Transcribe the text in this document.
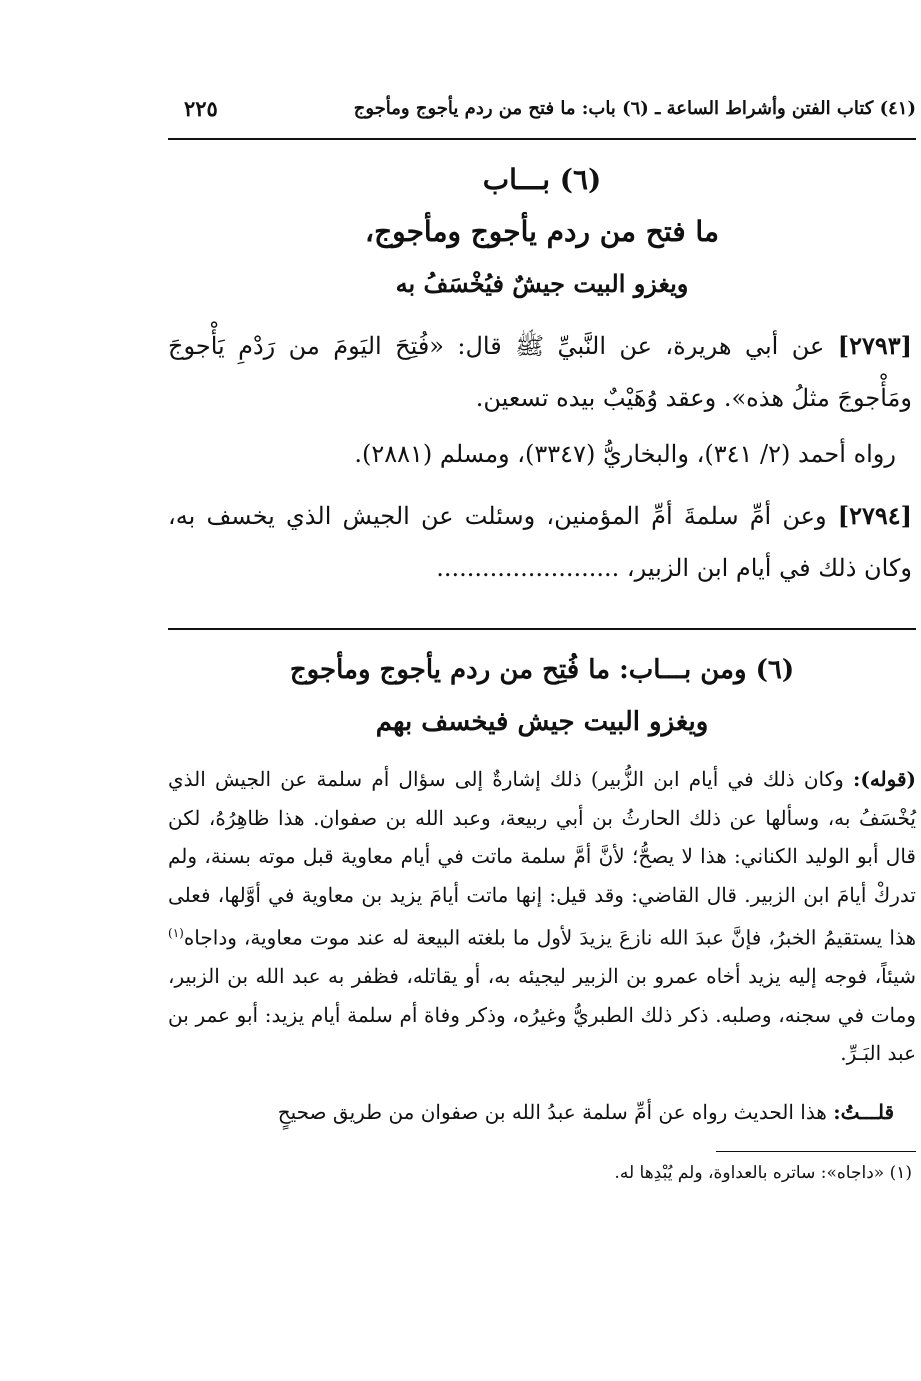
(٤١) كتاب الفتن وأشراط الساعة ـ (٦) باب: ما فتح من ردم يأجوج ومأجوج
٢٢٥
(٦) بـــاب
ما فتح من ردم يأجوج ومأجوج،
ويغزو البيت جيشٌ فيُخْسَفُ به

[٢٧٩٣] عن أبي هريرة، عن النَّبيِّ ﷺ قال: «فُتِحَ اليَومَ من رَدْمِ يَأْجوجَ ومَأْجوجَ مثلُ هذه». وعقد وُهَيْبٌ بيده تسعين.

رواه أحمد (٢/ ٣٤١)، والبخاريُّ (٣٣٤٧)، ومسلم (٢٨٨١).

[٢٧٩٤] وعن أمِّ سلمةَ أمِّ المؤمنين، وسئلت عن الجيش الذي يخسف به، وكان ذلك في أيام ابن الزبير، ........................

(٦) ومن بـــاب: ما فُتِح من ردم يأجوج ومأجوج
ويغزو البيت جيش فيخسف بهم

(قوله): وكان ذلك في أيام ابن الزُّبير) ذلك إشارةٌ إلى سؤال أم سلمة عن الجيش الذي يُخْسَفُ به، وسألها عن ذلك الحارثُ بن أبي ربيعة، وعبد الله بن صفوان. هذا ظاهِرُهُ، لكن قال أبو الوليد الكناني: هذا لا يصحُّ؛ لأنَّ أمَّ سلمة ماتت في أيام معاوية قبل موته بسنة، ولم تدركْ أيامَ ابن الزبير. قال القاضي: وقد قيل: إنها ماتت أيامَ يزيد بن معاوية في أوَّلها، فعلى هذا يستقيمُ الخبرُ، فإنَّ عبدَ الله نازعَ يزيدَ لأول ما بلغته البيعة له عند موت معاوية، وداجاه$^{(١)}$ شيئاً، فوجه إليه يزيد أخاه عمرو بن الزبير ليجيئه به، أو يقاتله، فظفر به عبد الله بن الزبير، ومات في سجنه، وصلبه. ذكر ذلك الطبريُّ وغيرُه، وذكر وفاة أم سلمة أيام يزيد: أبو عمر بن عبد البَـرِّ.

قلـــتُ: هذا الحديث رواه عن أمِّ سلمة عبدُ الله بن صفوان من طريق صحيحٍ

(١) «داجاه»: ساتره بالعداوة، ولم يُبْدِها له.
